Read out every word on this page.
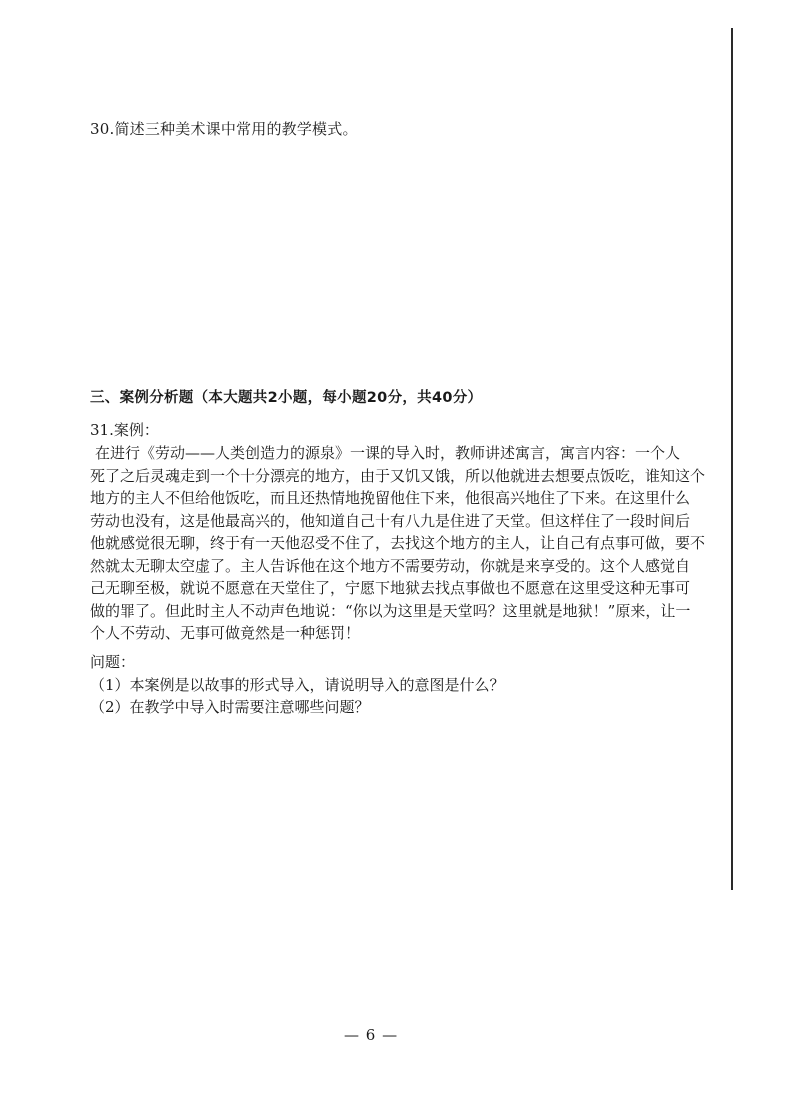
30.简述三种美术课中常用的教学模式。
三、案例分析题（本大题共2小题，每小题20分，共40分）
31.案例：
在进行《劳动——人类创造力的源泉》一课的导入时，教师讲述寓言，寓言内容：一个人
死了之后灵魂走到一个十分漂亮的地方，由于又饥又饿，所以他就进去想要点饭吃，谁知这个
地方的主人不但给他饭吃，而且还热情地挽留他住下来，他很高兴地住了下来。在这里什么
劳动也没有，这是他最高兴的，他知道自己十有八九是住进了天堂。但这样住了一段时间后
他就感觉很无聊，终于有一天他忍受不住了，去找这个地方的主人，让自己有点事可做，要不
然就太无聊太空虚了。主人告诉他在这个地方不需要劳动，你就是来享受的。这个人感觉自
己无聊至极，就说不愿意在天堂住了，宁愿下地狱去找点事做也不愿意在这里受这种无事可
做的罪了。但此时主人不动声色地说：“你以为这里是天堂吗？这里就是地狱！”原来，让一
个人不劳动、无事可做竟然是一种惩罚！
问题：
（1）本案例是以故事的形式导入，请说明导入的意图是什么？
（2）在教学中导入时需要注意哪些问题？
— 6 —
